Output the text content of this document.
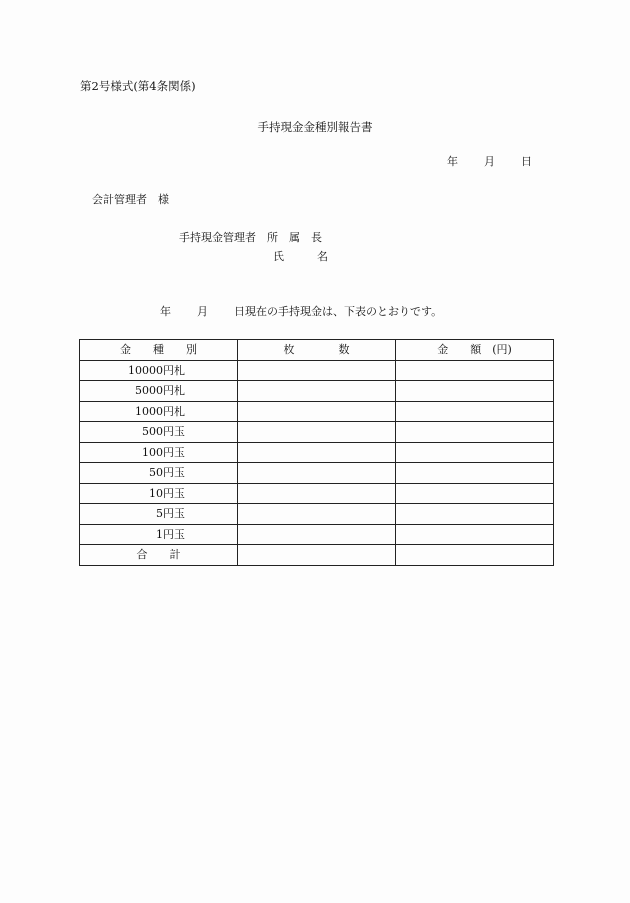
第2号様式(第4条関係)
手持現金金種別報告書
年 月 日
会計管理者　様
手持現金管理者　所　属　長
氏　　　名
年 月 日現在の手持現金は、下表のとおりです。
金　　種　　別	枚　　　　数	金　　額　(円)
10000円札		
5000円札		
1000円札		
500円玉		
100円玉		
50円玉		
10円玉		
5円玉		
1円玉		
合　　計		
